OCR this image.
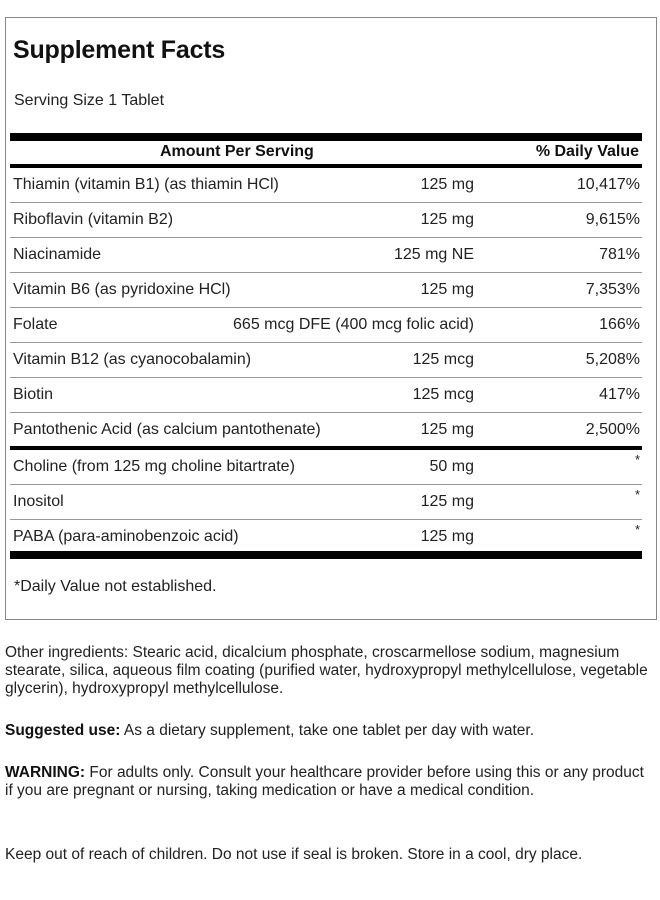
Supplement Facts
Serving Size 1 Tablet
Amount Per Serving	% Daily Value
Thiamin (vitamin B1) (as thiamin HCl)	125 mg	10,417%
Riboflavin (vitamin B2)	125 mg	9,615%
Niacinamide	125 mg NE	781%
Vitamin B6 (as pyridoxine HCl)	125 mg	7,353%
Folate	665 mcg DFE (400 mcg folic acid)	166%
Vitamin B12 (as cyanocobalamin)	125 mcg	5,208%
Biotin	125 mcg	417%
Pantothenic Acid (as calcium pantothenate)	125 mg	2,500%
Choline (from 125 mg choline bitartrate)	50 mg	*
Inositol	125 mg	*
PABA (para-aminobenzoic acid)	125 mg	*
*Daily Value not established.
Other ingredients: Stearic acid, dicalcium phosphate, croscarmellose sodium, magnesium stearate, silica, aqueous film coating (purified water, hydroxypropyl methylcellulose, vegetable glycerin), hydroxypropyl methylcellulose.
Suggested use: As a dietary supplement, take one tablet per day with water.
WARNING: For adults only. Consult your healthcare provider before using this or any product if you are pregnant or nursing, taking medication or have a medical condition.
Keep out of reach of children. Do not use if seal is broken. Store in a cool, dry place.
